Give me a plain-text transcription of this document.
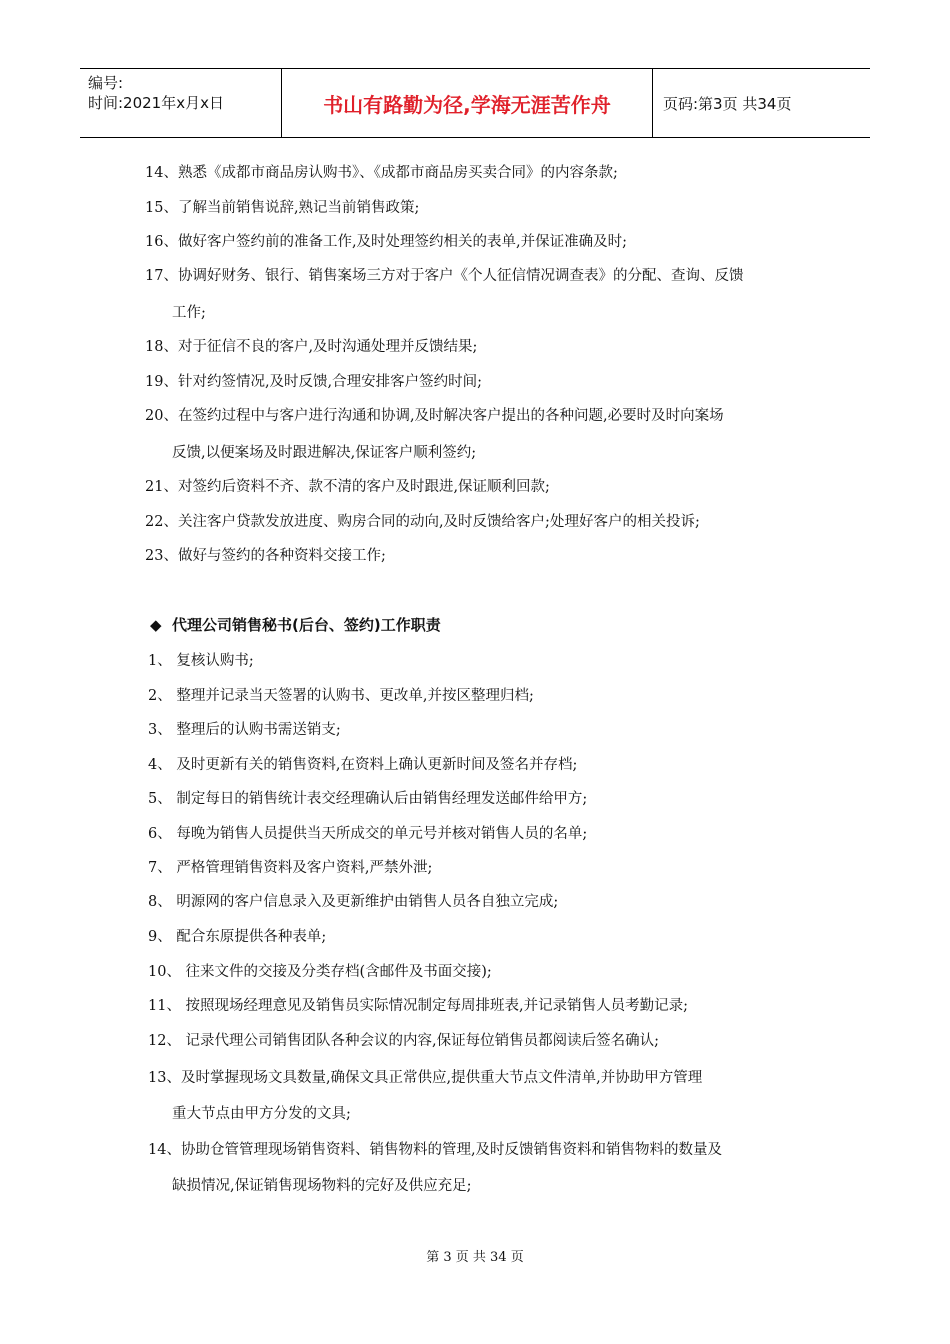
编号:
时间:2021年x月x日	书山有路勤为径,学海无涯苦作舟	页码:第3页 共34页
14、熟悉《成都市商品房认购书》、《成都市商品房买卖合同》的内容条款;
15、了解当前销售说辞,熟记当前销售政策;
16、做好客户签约前的准备工作,及时处理签约相关的表单,并保证准确及时;
17、协调好财务、银行、销售案场三方对于客户《个人征信情况调查表》的分配、查询、反馈
工作;
18、对于征信不良的客户,及时沟通处理并反馈结果;
19、针对约签情况,及时反馈,合理安排客户签约时间;
20、在签约过程中与客户进行沟通和协调,及时解决客户提出的各种问题,必要时及时向案场
反馈,以便案场及时跟进解决,保证客户顺利签约;
21、对签约后资料不齐、款不清的客户及时跟进,保证顺利回款;
22、关注客户贷款发放进度、购房合同的动向,及时反馈给客户;处理好客户的相关投诉;
23、做好与签约的各种资料交接工作;
◆ 代理公司销售秘书(后台、签约)工作职责
1、 复核认购书;
2、 整理并记录当天签署的认购书、更改单,并按区整理归档;
3、 整理后的认购书需送销支;
4、 及时更新有关的销售资料,在资料上确认更新时间及签名并存档;
5、 制定每日的销售统计表交经理确认后由销售经理发送邮件给甲方;
6、 每晚为销售人员提供当天所成交的单元号并核对销售人员的名单;
7、 严格管理销售资料及客户资料,严禁外泄;
8、 明源网的客户信息录入及更新维护由销售人员各自独立完成;
9、 配合东原提供各种表单;
10、 往来文件的交接及分类存档(含邮件及书面交接);
11、 按照现场经理意见及销售员实际情况制定每周排班表,并记录销售人员考勤记录;
12、 记录代理公司销售团队各种会议的内容,保证每位销售员都阅读后签名确认;
13、及时掌握现场文具数量,确保文具正常供应,提供重大节点文件清单,并协助甲方管理
重大节点由甲方分发的文具;
14、协助仓管管理现场销售资料、销售物料的管理,及时反馈销售资料和销售物料的数量及
缺损情况,保证销售现场物料的完好及供应充足;
第 3 页 共 34 页
